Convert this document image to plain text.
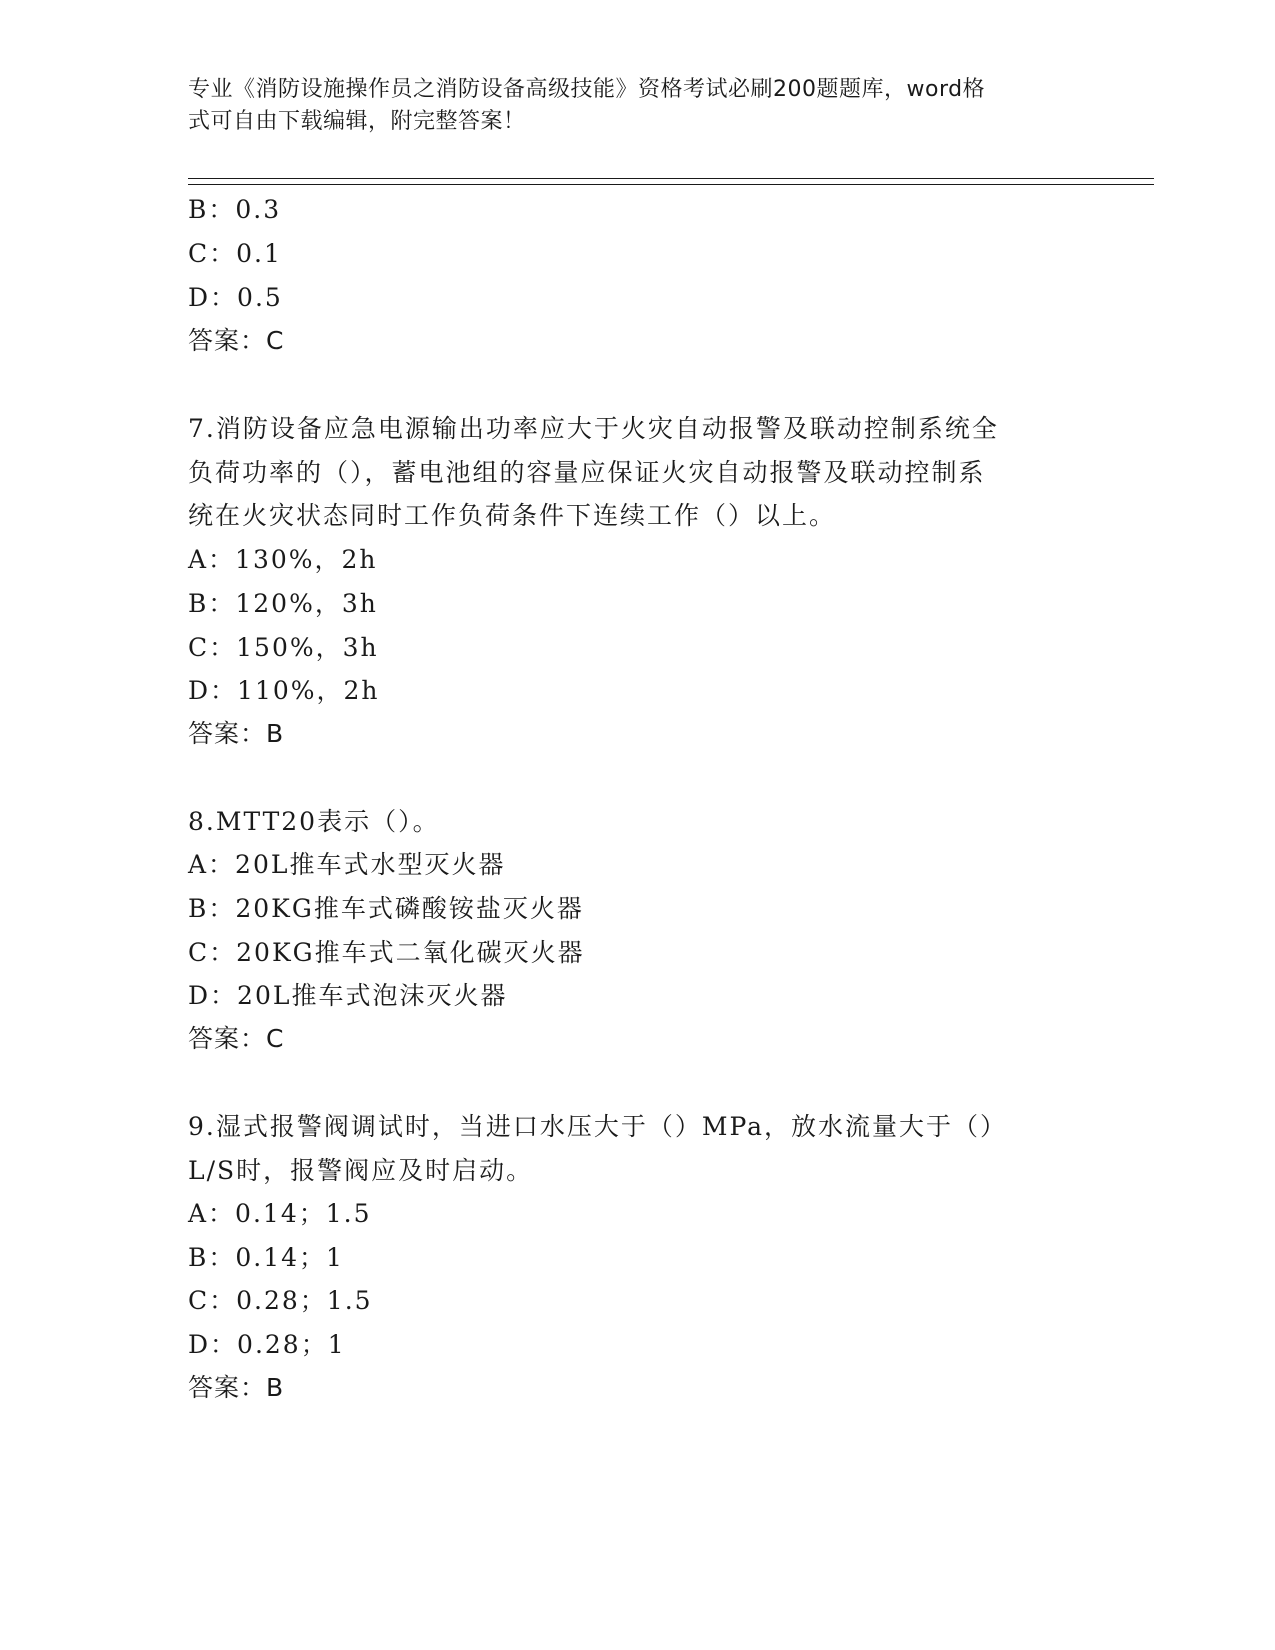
专业《消防设施操作员之消防设备高级技能》资格考试必刷200题题库，word格
式可自由下载编辑，附完整答案！
B：0.3
C：0.1
D：0.5
答案：C
7.消防设备应急电源输出功率应大于火灾自动报警及联动控制系统全
负荷功率的（），蓄电池组的容量应保证火灾自动报警及联动控制系
统在火灾状态同时工作负荷条件下连续工作（）以上。
A：130%，2h
B：120%，3h
C：150%，3h
D：110%，2h
答案：B
8.MTT20表示（）。
A：20L推车式水型灭火器
B：20KG推车式磷酸铵盐灭火器
C：20KG推车式二氧化碳灭火器
D：20L推车式泡沫灭火器
答案：C
9.湿式报警阀调试时，当进口水压大于（）MPa，放水流量大于（）
L/S时，报警阀应及时启动。
A：0.14；1.5
B：0.14；1
C：0.28；1.5
D：0.28；1
答案：B
